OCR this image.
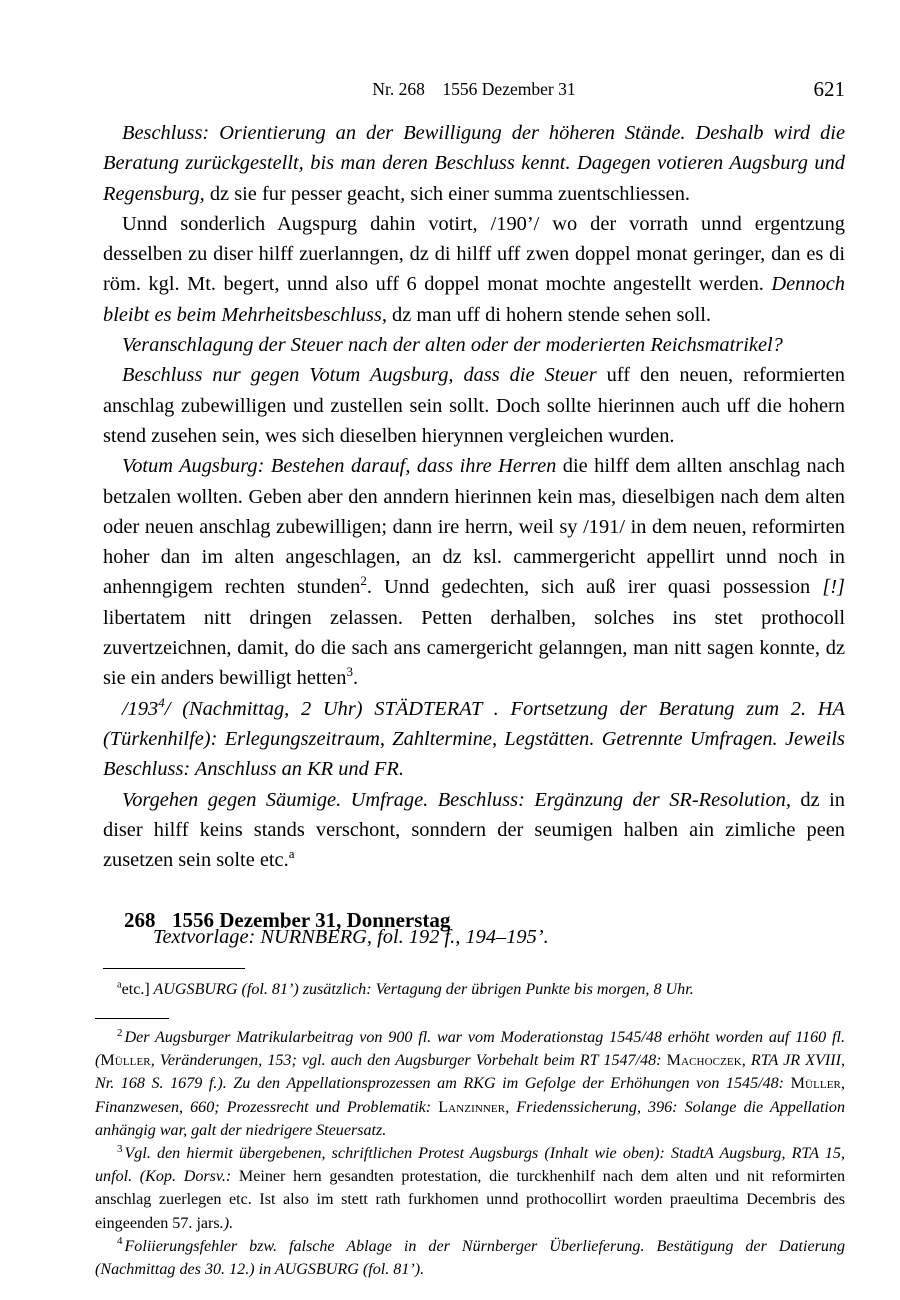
Nr. 268    1556 Dezember 31	621

Beschluss: Orientierung an der Bewilligung der höheren Stände. Deshalb wird die Beratung zurückgestellt, bis man deren Beschluss kennt. Dagegen votieren Augsburg und Regensburg, dz sie fur pesser geacht, sich einer summa zuentschliessen.

Unnd sonderlich Augspurg dahin votirt, /190’/ wo der vorrath unnd ergentzung desselben zu diser hilff zuerlanngen, dz di hilff uff zwen doppel monat geringer, dan es di röm. kgl. Mt. begert, unnd also uff 6 doppel monat mochte angestellt werden. Dennoch bleibt es beim Mehrheitsbeschluss, dz man uff di hohern stende sehen soll.

Veranschlagung der Steuer nach der alten oder der moderierten Reichsmatrikel?

Beschluss nur gegen Votum Augsburg, dass die Steuer uff den neuen, reformierten anschlag zubewilligen und zustellen sein sollt. Doch sollte hierinnen auch uff die hohern stend zusehen sein, wes sich dieselben hierynnen vergleichen wurden.

Votum Augsburg: Bestehen darauf, dass ihre Herren die hilff dem allten anschlag nach betzalen wollten. Geben aber den anndern hierinnen kein mas, dieselbigen nach dem alten oder neuen anschlag zubewilligen; dann ire herrn, weil sy /191/ in dem neuen, reformirten hoher dan im alten angeschlagen, an dz ksl. cammergericht appellirt unnd noch in anhenngigem rechten stunden$^2$. Unnd gedechten, sich auß irer quasi possession [!] libertatem nitt dringen zelassen. Petten derhalben, solches ins stet prothocoll zuvertzeichnen, damit, do die sach ans camergericht gelanngen, man nitt sagen konnte, dz sie ein anders bewilligt hetten$^3$.

/193$^4$/ (Nachmittag, 2 Uhr) STÄDTERAT . Fortsetzung der Beratung zum 2. HA (Türkenhilfe): Erlegungszeitraum, Zahltermine, Legstätten. Getrennte Umfragen. Jeweils Beschluss: Anschluss an KR und FR.

Vorgehen gegen Säumige. Umfrage. Beschluss: Ergänzung der SR-Resolution, dz in diser hilff keins stands verschont, sonndern der seumigen halben ain zimliche peen zusetzen sein solte etc.$^a$

268 1556 Dezember 31, Donnerstag

Textvorlage: NÜRNBERG, fol. 192 f., 194–195’.

$^a$etc.] AUGSBURG (fol. 81’) zusätzlich: Vertagung der übrigen Punkte bis morgen, 8 Uhr.

$^2$ Der Augsburger Matrikularbeitrag von 900 fl. war vom Moderationstag 1545/48 erhöht worden auf 1160 fl. (Müller, Veränderungen, 153; vgl. auch den Augsburger Vorbehalt beim RT 1547/48: Machoczek, RTA JR XVIII, Nr. 168 S. 1679 f.). Zu den Appellationsprozessen am RKG im Gefolge der Erhöhungen von 1545/48: Müller, Finanzwesen, 660; Prozessrecht und Problematik: Lanzinner, Friedenssicherung, 396: Solange die Appellation anhängig war, galt der niedrigere Steuersatz.

$^3$ Vgl. den hiermit übergebenen, schriftlichen Protest Augsburgs (Inhalt wie oben): StadtA Augsburg, RTA 15, unfol. (Kop. Dorsv.: Meiner hern gesandten protestation, die turckhenhilf nach dem alten und nit reformirten anschlag zuerlegen etc. Ist also im stett rath furkhomen unnd prothocollirt worden praeultima Decembris des eingeenden 57. jars.).

$^4$ Foliierungsfehler bzw. falsche Ablage in der Nürnberger Überlieferung. Bestätigung der Datierung (Nachmittag des 30. 12.) in AUGSBURG (fol. 81’).
